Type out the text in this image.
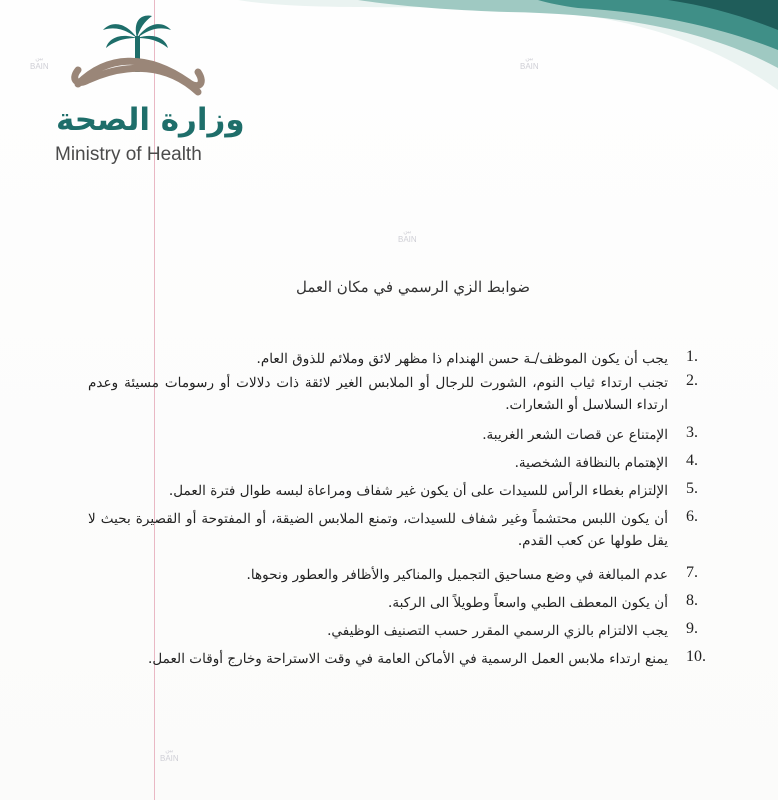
وزارة الصحة
Ministry of Health
بين
BAIN
بين
BAIN
بين
BAIN
بين
BAIN
ضوابط الزي الرسمي في مكان العمل
1.
يجب أن يكون الموظف/ـة حسن الهندام ذا مظهر لائق وملائم للذوق العام.
2.
تجنب ارتداء ثياب النوم، الشورت للرجال أو الملابس الغير لائقة ذات دلالات أو رسومات مسيئة وعدم ارتداء السلاسل أو الشعارات.
3.
الإمتناع عن قصات الشعر الغريبة.
4.
الإهتمام بالنظافة الشخصية.
5.
الإلتزام بغطاء الرأس للسيدات على أن يكون غير شفاف ومراعاة لبسه طوال فترة العمل.
6.
أن يكون اللبس محتشماً وغير شفاف للسيدات، وتمنع الملابس الضيقة، أو المفتوحة أو القصيرة بحيث لا يقل طولها عن كعب القدم.
7.
عدم المبالغة في وضع مساحيق التجميل والمناكير والأظافر والعطور ونحوها.
8.
أن يكون المعطف الطبي واسعاً وطويلاً الى الركبة.
9.
يجب الالتزام بالزي الرسمي المقرر حسب التصنيف الوظيفي.
10.
يمنع ارتداء ملابس العمل الرسمية في الأماكن العامة في وقت الاستراحة وخارج أوقات العمل.
